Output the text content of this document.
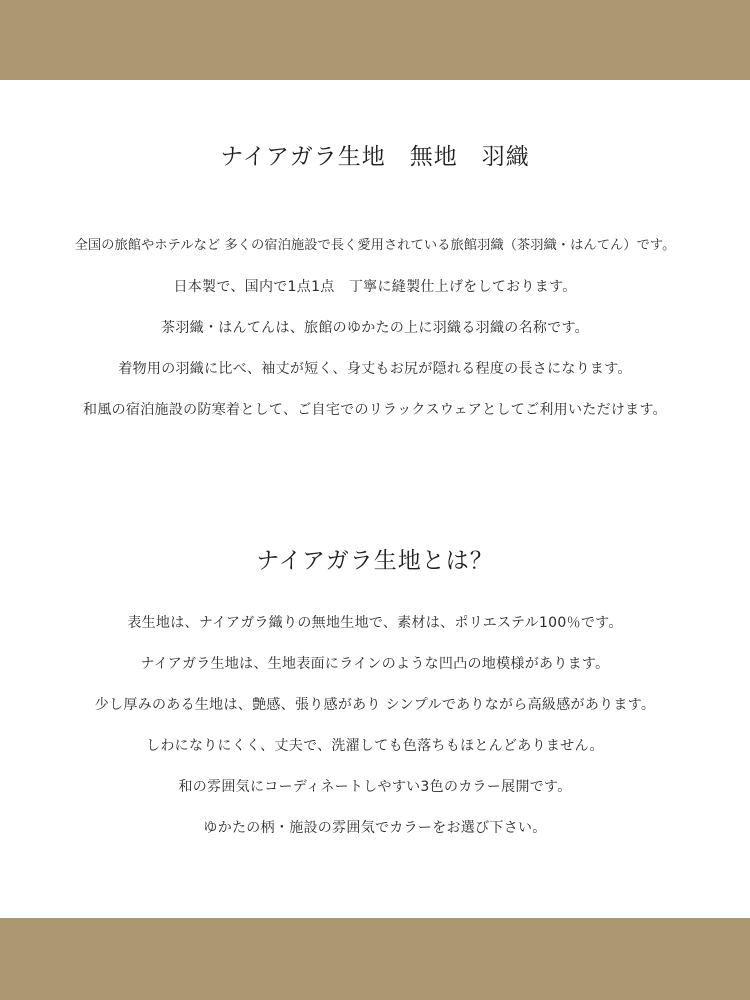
ナイアガラ生地　無地　羽織

全国の旅館やホテルなど 多くの宿泊施設で長く愛用されている旅館羽織（茶羽織・はんてん）です。

日本製で、国内で1点1点　丁寧に縫製仕上げをしております。

茶羽織・はんてんは、旅館のゆかたの上に羽織る羽織の名称です。

着物用の羽織に比べ、袖丈が短く、身丈もお尻が隠れる程度の長さになります。

和風の宿泊施設の防寒着として、ご自宅でのリラックスウェアとしてご利用いただけます。

ナイアガラ生地とは？

表生地は、ナイアガラ織りの無地生地で、素材は、ポリエステル100％です。

ナイアガラ生地は、生地表面にラインのような凹凸の地模様があります。

少し厚みのある生地は、艶感、張り感があり シンプルでありながら高級感があります。

しわになりにくく、丈夫で、洗濯しても色落ちもほとんどありません。

和の雰囲気にコーディネートしやすい3色のカラー展開です。

ゆかたの柄・施設の雰囲気でカラーをお選び下さい。
